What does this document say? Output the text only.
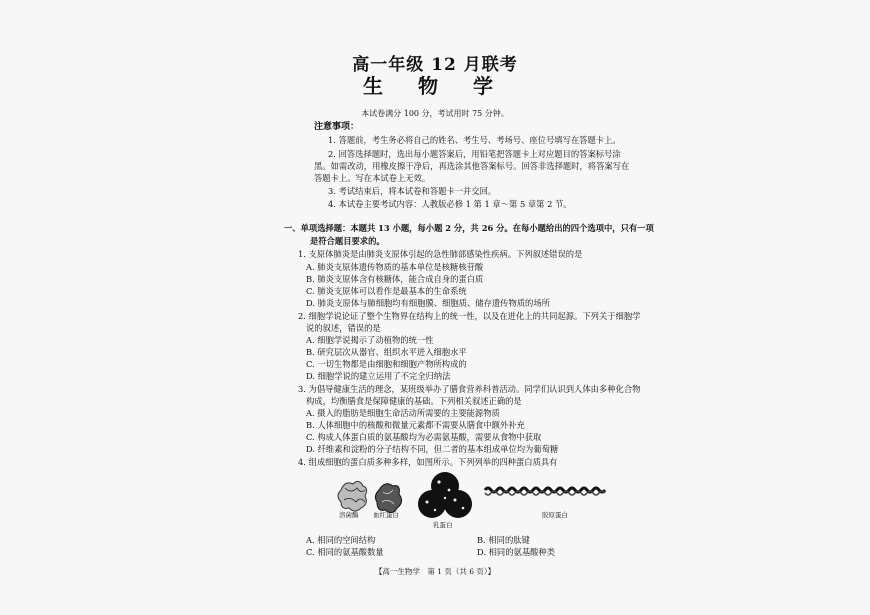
高一年级 12 月联考
生 物 学
本试卷满分 100 分，考试用时 75 分钟。
注意事项：
1. 答题前，考生务必将自己的姓名、考生号、考场号、座位号填写在答题卡上。
2. 回答选择题时，选出每小题答案后，用铅笔把答题卡上对应题目的答案标号涂
黑。如需改动，用橡皮擦干净后，再选涂其他答案标号。回答非选择题时，将答案写在
答题卡上。写在本试卷上无效。
3. 考试结束后，将本试卷和答题卡一并交回。
4. 本试卷主要考试内容：人教版必修 1 第 1 章～第 5 章第 2 节。
一、单项选择题：本题共 13 小题，每小题 2 分，共 26 分。在每小题给出的四个选项中，只有一项
是符合题目要求的。
1. 支原体肺炎是由肺炎支原体引起的急性肺部感染性疾病。下列叙述错误的是
A. 肺炎支原体遗传物质的基本单位是核糖核苷酸
B. 肺炎支原体含有核糖体，能合成自身的蛋白质
C. 肺炎支原体可以看作是最基本的生命系统
D. 肺炎支原体与肺细胞均有细胞膜、细胞质、储存遗传物质的场所
2. 细胞学说论证了整个生物界在结构上的统一性，以及在进化上的共同起源。下列关于细胞学
说的叙述，错误的是
A. 细胞学说揭示了动植物的统一性
B. 研究层次从器官、组织水平进入细胞水平
C. 一切生物都是由细胞和细胞产物所构成的
D. 细胞学说的建立运用了不完全归纳法
3. 为倡导健康生活的理念，某班级举办了膳食营养科普活动。同学们认识到人体由多种化合物
构成，均衡膳食是保障健康的基础。下列相关叙述正确的是
A. 摄入的脂肪是细胞生命活动所需要的主要能源物质
B. 人体细胞中的核酸和微量元素都不需要从膳食中额外补充
C. 构成人体蛋白质的氨基酸均为必需氨基酸，需要从食物中获取
D. 纤维素和淀粉的分子结构不同，但二者的基本组成单位均为葡萄糖
4. 组成细胞的蛋白质多种多样，如图所示。下列列举的四种蛋白质具有
溶菌酶 血红蛋白
乳蛋白
胶原蛋白
A. 相同的空间结构	B. 相同的肽键
C. 相同的氨基酸数量	D. 相同的氨基酸种类
【高一生物学　第 1 页（共 6 页）】
